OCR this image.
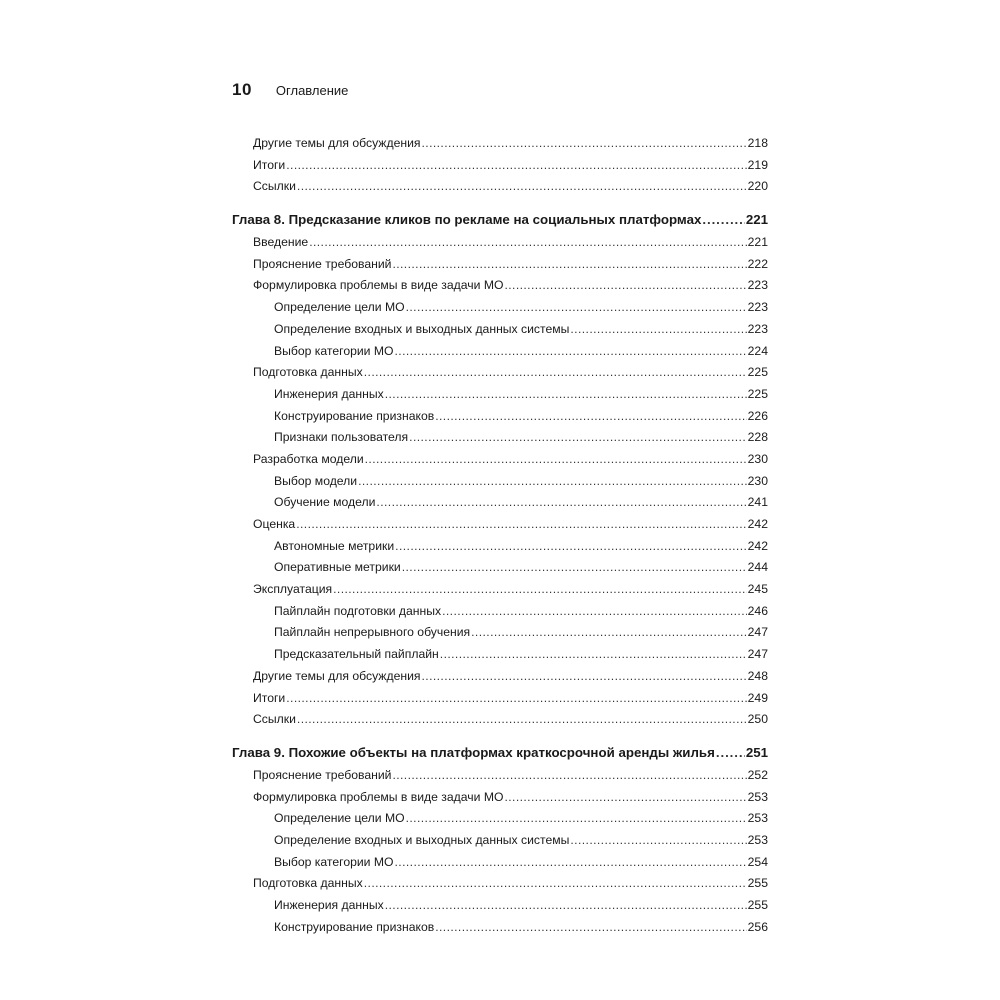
10 Оглавление
Другие темы для обсуждения .....	218
Итоги .....	219
Ссылки .....	220
Глава 8. Предсказание кликов по рекламе на социальных платформах .....	221
Введение .....	221
Прояснение требований .....	222
Формулировка проблемы в виде задачи МО .....	223
Определение цели МО .....	223
Определение входных и выходных данных системы .....	223
Выбор категории МО .....	224
Подготовка данных .....	225
Инженерия данных .....	225
Конструирование признаков .....	226
Признаки пользователя .....	228
Разработка модели .....	230
Выбор модели .....	230
Обучение модели .....	241
Оценка .....	242
Автономные метрики .....	242
Оперативные метрики .....	244
Эксплуатация .....	245
Пайплайн подготовки данных .....	246
Пайплайн непрерывного обучения .....	247
Предсказательный пайплайн .....	247
Другие темы для обсуждения .....	248
Итоги .....	249
Ссылки .....	250
Глава 9. Похожие объекты на платформах краткосрочной аренды жилья ..... 251
Прояснение требований .....	252
Формулировка проблемы в виде задачи МО .....	253
Определение цели МО .....	253
Определение входных и выходных данных системы .....	253
Выбор категории МО .....	254
Подготовка данных .....	255
Инженерия данных .....	255
Конструирование признаков .....	256
